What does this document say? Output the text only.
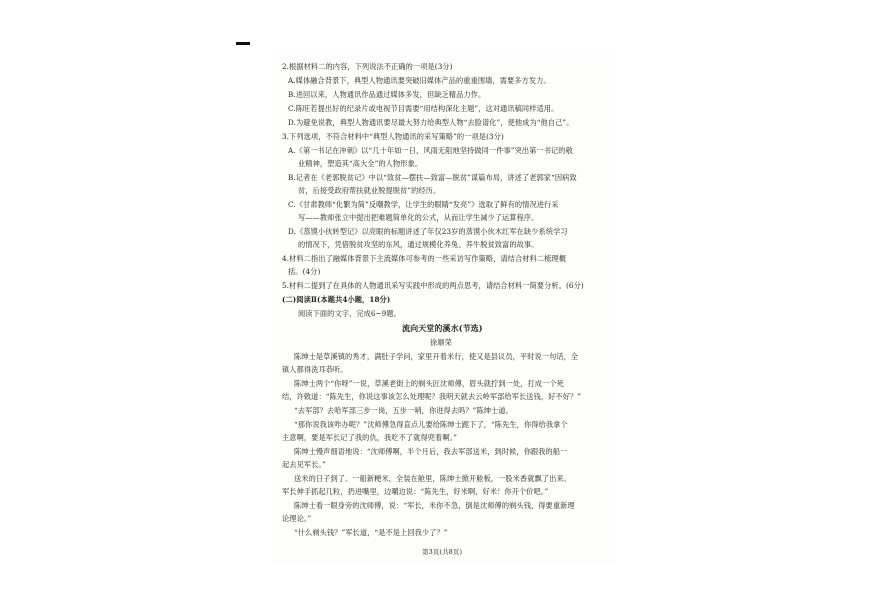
2.根据材料二的内容，下列说法不正确的一项是(3分)
A.媒体融合背景下，典型人物通讯要突破旧媒体产品的重重围墙，需要多方发力。
B.进回以来，人物通讯作品通过媒体多发，但缺乏精品力作。
C.陈旺若提出好的纪录片或电视节目需要“用结构深化主题”，这对通讯稿同样适用。
D.为避免说教，典型人物通讯要尽最大努力给典型人物“去脸谱化”，使他成为“他自己”。
3.下列选项，不符合材料中“典型人物通讯的采写策略”的一项是(3分)
A.《第一书记在冲刺》以“几十年如一日，风雨无阻地坚持做同一件事”突出第一书记的敬
业精神，塑造其“高大全”的人物形象。
B.记者在《老郭脱贫记》中以“致贫—摆扶—致富—脱贫”谋篇布局，讲述了老郭家“因病致
贫，后接受政府帮扶就业脱提脱贫”的经历。
C.《甘肃教师“化繁为简”反嘲教学，让学生的眼睛“发亮”》选取了鲜有的情况进行采
写——教师张立中提出把难题简单化的公式，从而让学生减少了运算程序。
D.《蒸馍小伙转型记》以亮眼的标题讲述了年仅23岁的蒸馍小伙木红军在缺少系统学习
的情况下，凭借脱贫攻坚的东风，通过规模化养兔、养牛脱贫致富的故事。
4.材料二指出了融媒体背景下主流媒体可参考的一些采访写作策略，请结合材料二梳理概
括。(4分)
5.材料二提到了在具体的人物通讯采写实践中形成的两点思考，请结合材料一简要分析。(6分)
(二)阅读Ⅱ(本题共4小题，18分)
阅读下面的文字，完成6~9题。
流向天堂的溪水(节选)
徐顺荣
陈绅士是草溪镇的秀才，满肚子学问，家里开着米行，使又是县议员，平时说一句话，全
镇人都得洗耳恭听。
陈绅士两个“你呀”一说，草溪老街上的剃头匠沈师傅，眉头就拧到一处，打成一个死
结，许敕道：“陈先生，你说这事该怎么处理呢？我明天就去云岭军部给军长送钱，好不好？”
“去军部？去哈军部三步一岗，五步一哨，你进得去吗？”陈绅士道。
“那你说我该咋办呢？”沈师傅急得直点儿要给陈绅士跪下了，“陈先生，你得给我拿个
主意啊，要是军长记了我的仇，我吃不了就得兜着啊。”
陈绅士慢声细语地说：“沈师傅啊，半个月后，我去军部送米，到时候，你跟我的船一
起去见军长。”
送米的日子到了。一船新粳米，全装在舱里，陈绅士掀开舱板，一股米香就飘了出来。
军长伸手抓起几粒，扔进嘴里，边嚼边说：“陈先生，好米啊，好米！你开个价吧。”
陈绅士看一眼身旁的沈师傅，说：“军长，米你不急，倒是沈师傅的剃头钱，得要重新理
论理论。”
“什么剃头钱？”军长道，“是不是上回我少了？”
第3页(共8页)
